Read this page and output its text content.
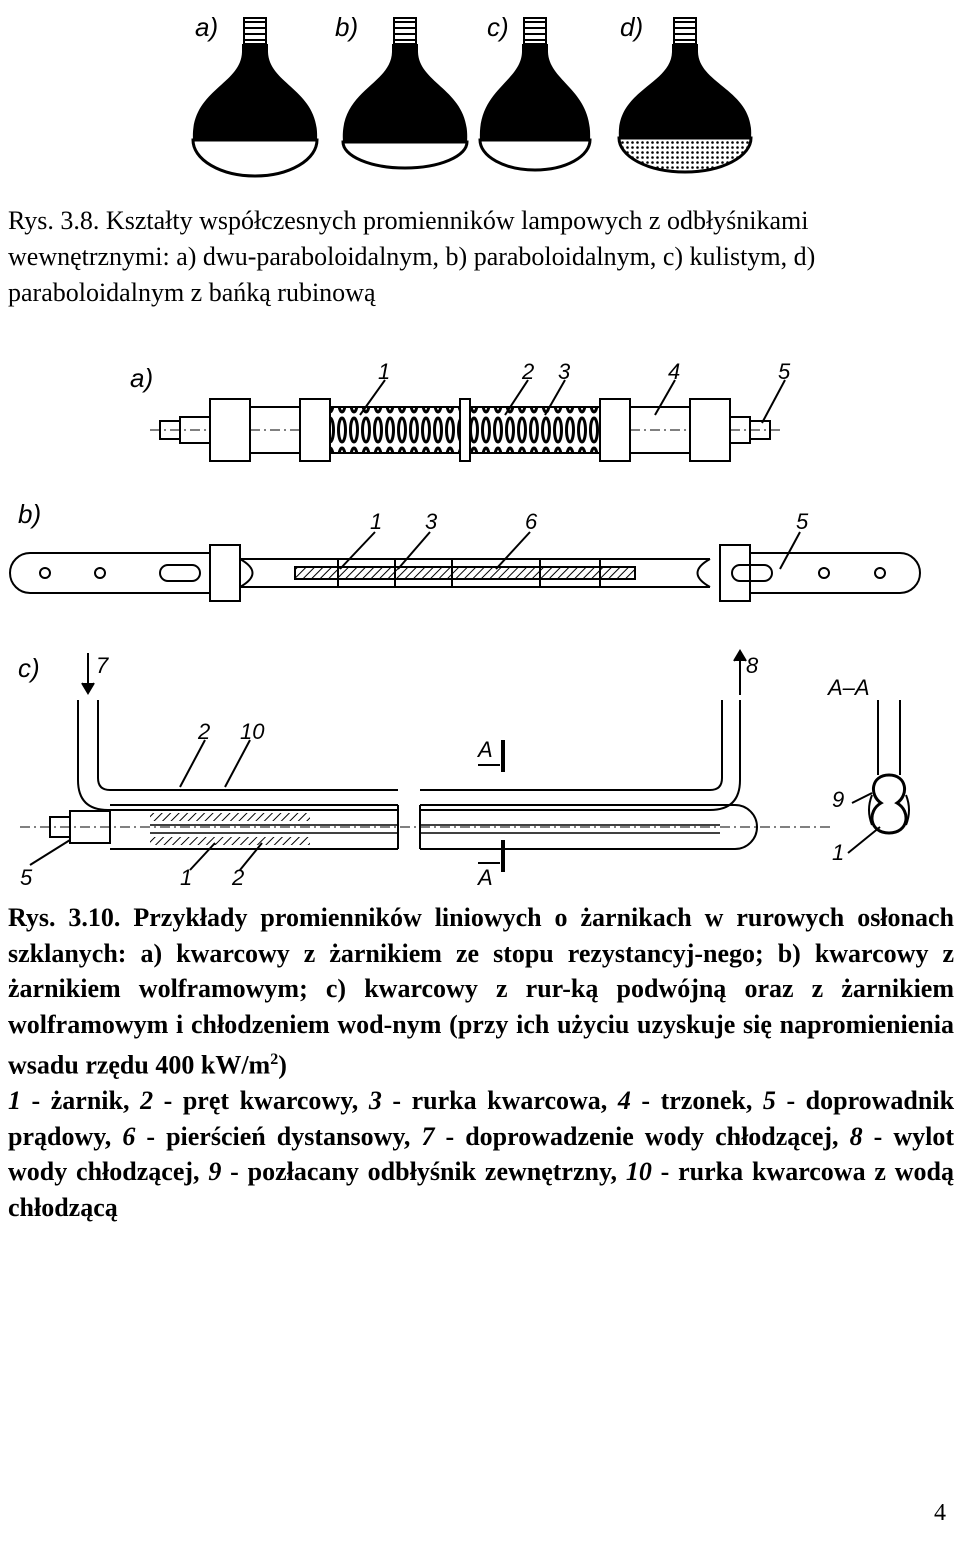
a)	b)	c)	d)

Rys. 3.8. Kształty współczesnych promienników lampowych z odbłyśnikami wewnętrznymi: a) dwu-paraboloidalnym, b) paraboloidalnym, c) kulistym, d) paraboloidalnym z bańką rubinową

a)	1	2 3	4	5
b)	1 3	6	5
c)	7	8
2 10
5	1 2
A
A
A–A
9
1

Rys. 3.10. Przykłady promienników liniowych o żarnikach w rurowych osłonach szklanych: a) kwarcowy z żarnikiem ze stopu rezystancyj-nego; b) kwarcowy z żarnikiem wolframowym; c) kwarcowy z rur-ką podwójną oraz z żarnikiem wolframowym i chłodzeniem wod-nym (przy ich użyciu uzyskuje się napromienienia wsadu rzędu 400 $kW/m^2$)
1 - żarnik, 2 - pręt kwarcowy, 3 - rurka kwarcowa, 4 - trzonek, 5 - doprowadnik prądowy, 6 - pierścień dystansowy, 7 - doprowadzenie wody chłodzącej, 8 - wylot wody chłodzącej, 9 - pozłacany odbłyśnik zewnętrzny, 10 - rurka kwarcowa z wodą chłodzącą

4
